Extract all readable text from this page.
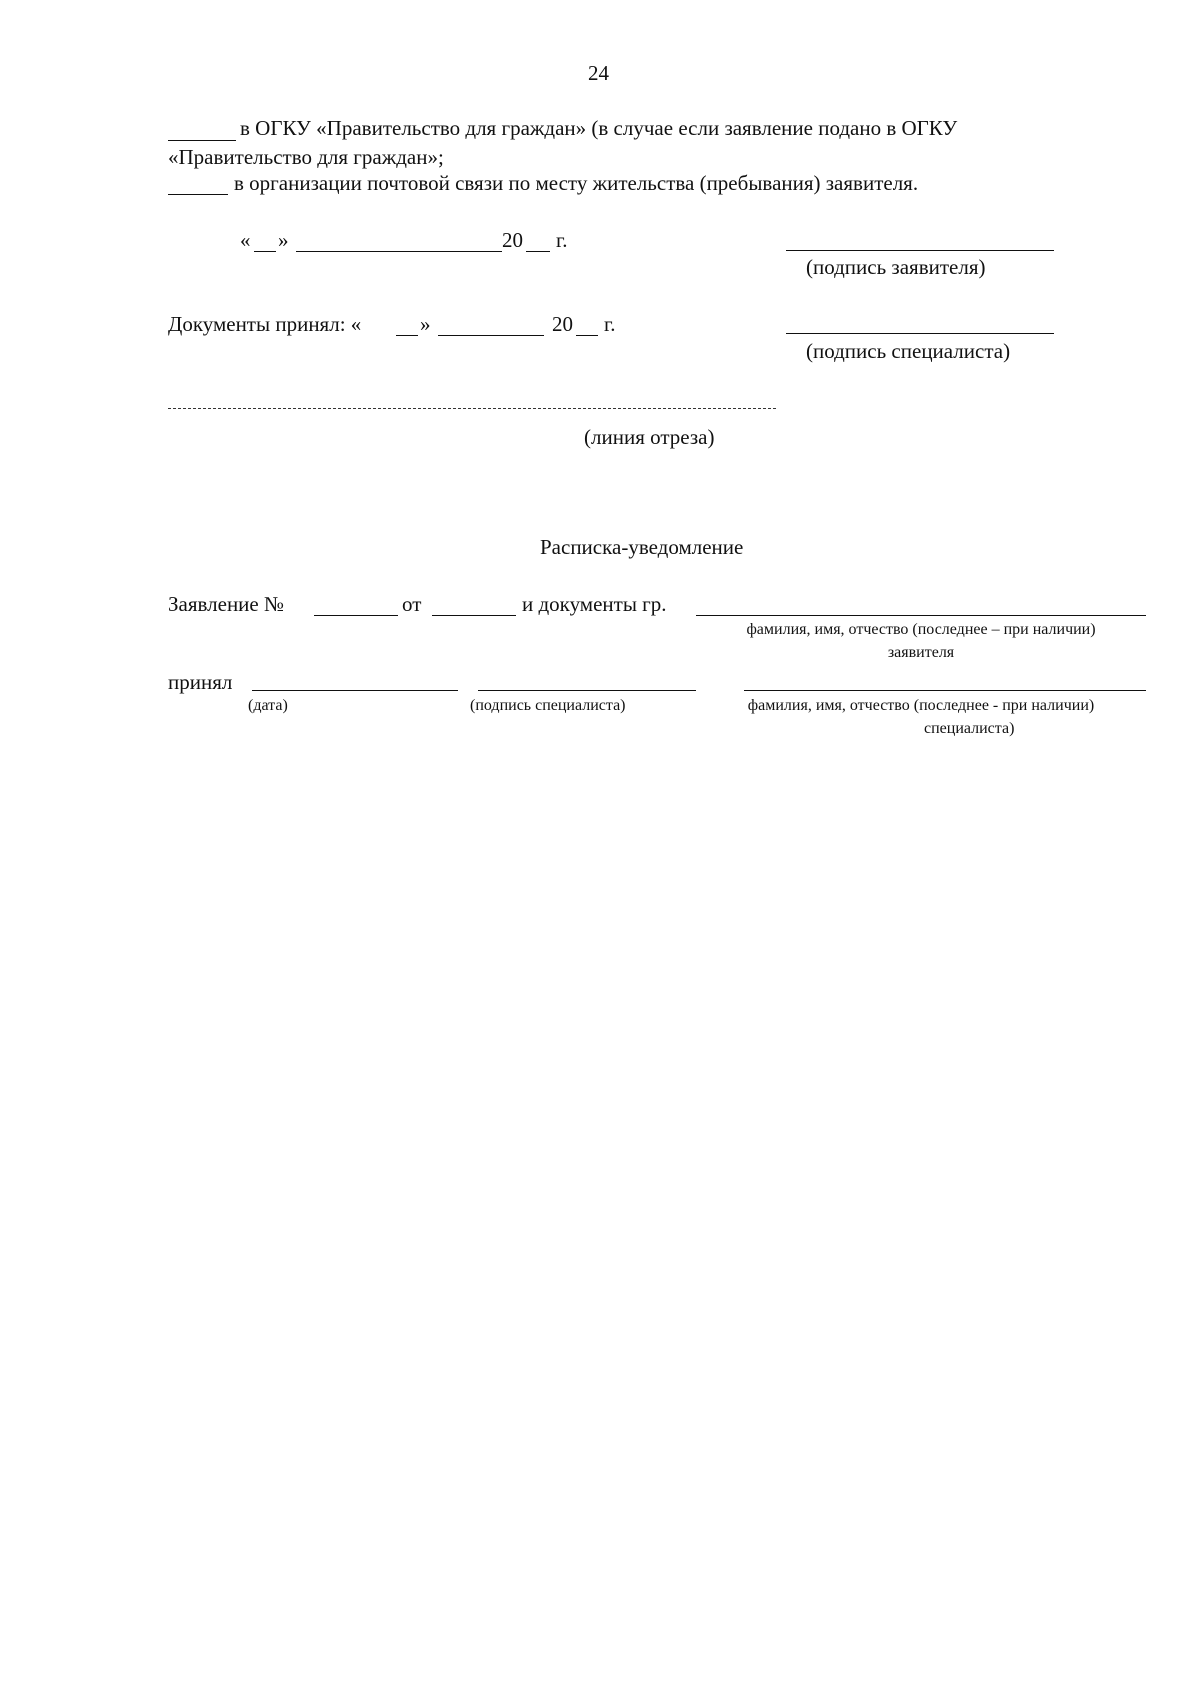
24
в ОГКУ «Правительство для граждан» (в случае если заявление подано в ОГКУ
«Правительство для граждан»;
в организации почтовой связи по месту жительства (пребывания) заявителя.
« »	20 г.
(подпись заявителя)
Документы принял: «	»	20 г.
(подпись специалиста)
(линия отреза)
Расписка-уведомление
Заявление №	от	и документы гр.
фамилия, имя, отчество (последнее – при наличии)
заявителя
принял
(дата)	(подпись специалиста)	фамилия, имя, отчество (последнее - при наличии)
специалиста)
